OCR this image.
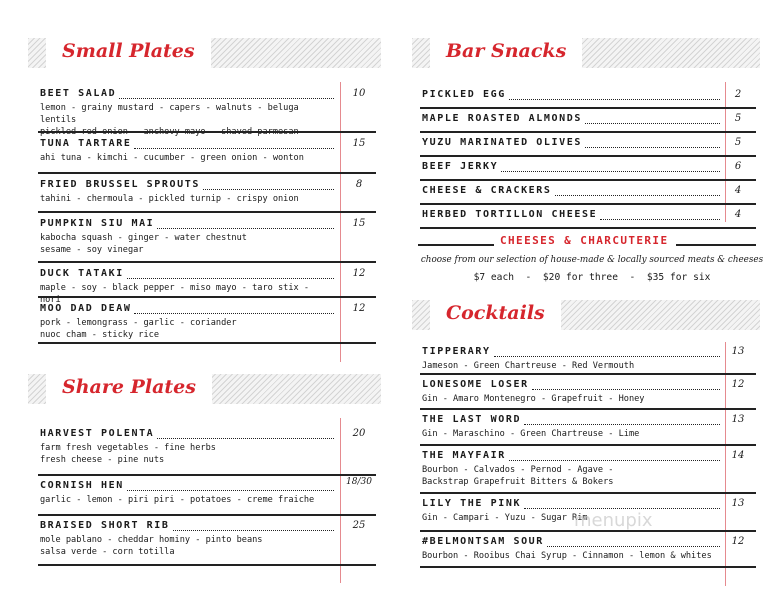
Small Plates
BEET SALAD
lemon - grainy mustard - capers - walnuts - beluga lentils
pickled red onion - anchovy mayo - shaved parmesan
10
TUNA TARTARE
ahi tuna - kimchi - cucumber - green onion - wonton
15
FRIED BRUSSEL SPROUTS
tahini - chermoula - pickled turnip - crispy onion
8
PUMPKIN SIU MAI
kabocha squash - ginger - water chestnut
sesame - soy vinegar
15
DUCK TATAKI
maple - soy - black pepper - miso mayo - taro stix - nori
12
MOO DAD DEAW
pork - lemongrass - garlic - coriander
nuoc cham - sticky rice
12
Share Plates
HARVEST POLENTA
farm fresh vegetables - fine herbs
fresh cheese - pine nuts
20
CORNISH HEN
garlic - lemon - piri piri - potatoes - creme fraiche
18/30
BRAISED SHORT RIB
mole pablano - cheddar hominy - pinto beans
salsa verde - corn totilla
25
Bar Snacks
PICKLED EGG	2
MAPLE ROASTED ALMONDS	5
YUZU MARINATED OLIVES	5
BEEF JERKY	6
CHEESE & CRACKERS	4
HERBED TORTILLON CHEESE	4
CHEESES & CHARCUTERIE
choose from our selection of house-made & locally sourced meats & cheeses
$7 each  -  $20 for three  -  $35 for six
Cocktails
TIPPERARY
Jameson - Green Chartreuse - Red Vermouth
13
LONESOME LOSER
Gin - Amaro Montenegro - Grapefruit - Honey
12
THE LAST WORD
Gin - Maraschino - Green Chartreuse - Lime
13
THE MAYFAIR
Bourbon - Calvados - Pernod - Agave -
Backstrap Grapefruit Bitters & Bokers
14
LILY THE PINK
Gin - Campari - Yuzu - Sugar Rim
13
#BELMONTSAM SOUR
Bourbon - Rooibus Chai Syrup - Cinnamon - lemon & whites
12
menupix
